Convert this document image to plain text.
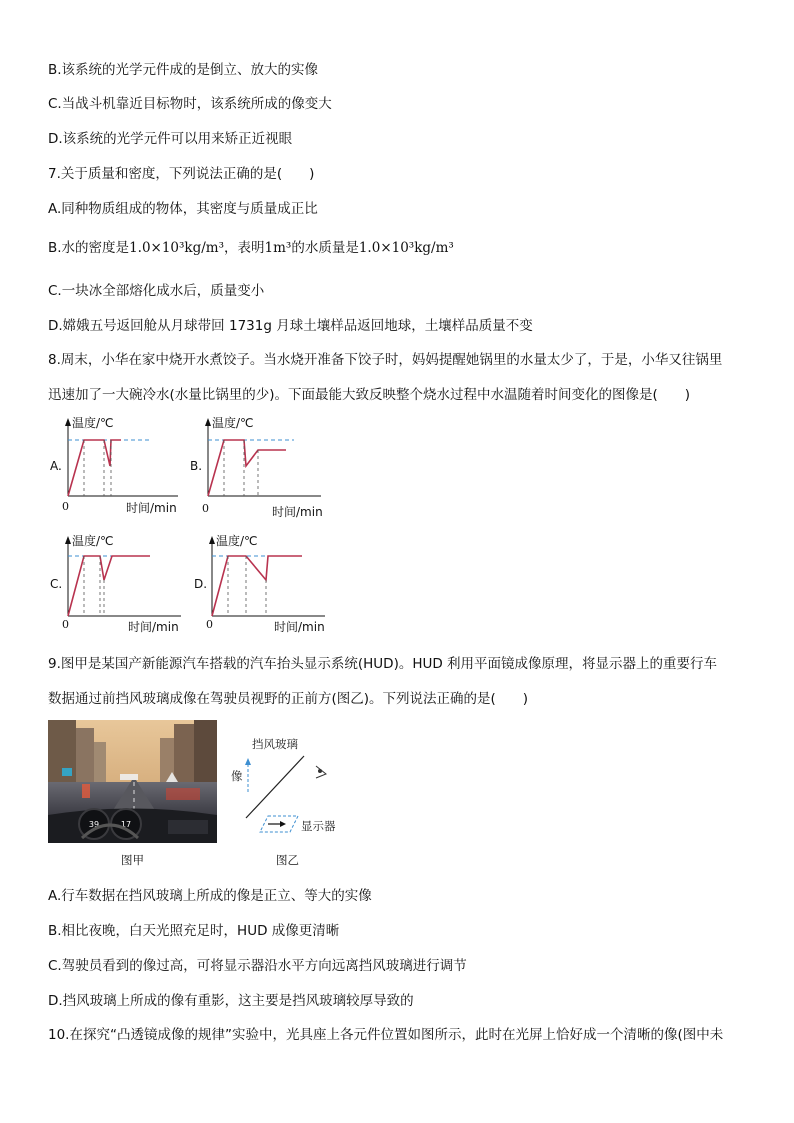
B.该系统的光学元件成的是倒立、放大的实像
C.当战斗机靠近目标物时，该系统所成的像变大
D.该系统的光学元件可以用来矫正近视眼
7.关于质量和密度，下列说法正确的是(　　)
A.同种物质组成的物体，其密度与质量成正比
B.水的密度是1.0×10³kg/m³，表明1m³的水质量是1.0×10³kg/m³
C.一块冰全部熔化成水后，质量变小
D.嫦娥五号返回舱从月球带回 1731g 月球土壤样品返回地球，土壤样品质量不变
8.周末，小华在家中烧开水煮饺子。当水烧开准备下饺子时，妈妈提醒她锅里的水量太少了，于是，小华又往锅里
迅速加了一大碗冷水(水量比锅里的少)。下面最能大致反映整个烧水过程中水温随着时间变化的图像是(　　)
A.
温度/℃
0	时间/min
B.
温度/℃
0	时间/min
C.
温度/℃
0	时间/min
D.
温度/℃
0	时间/min
9.图甲是某国产新能源汽车搭载的汽车抬头显示系统(HUD)。HUD 利用平面镜成像原理，将显示器上的重要行车
数据通过前挡风玻璃成像在驾驶员视野的正前方(图乙)。下列说法正确的是(　　)
39	17
图甲
挡风玻璃
像
显示器
图乙
A.行车数据在挡风玻璃上所成的像是正立、等大的实像
B.相比夜晚，白天光照充足时，HUD 成像更清晰
C.驾驶员看到的像过高，可将显示器沿水平方向远离挡风玻璃进行调节
D.挡风玻璃上所成的像有重影，这主要是挡风玻璃较厚导致的
10.在探究“凸透镜成像的规律”实验中，光具座上各元件位置如图所示，此时在光屏上恰好成一个清晰的像(图中未
